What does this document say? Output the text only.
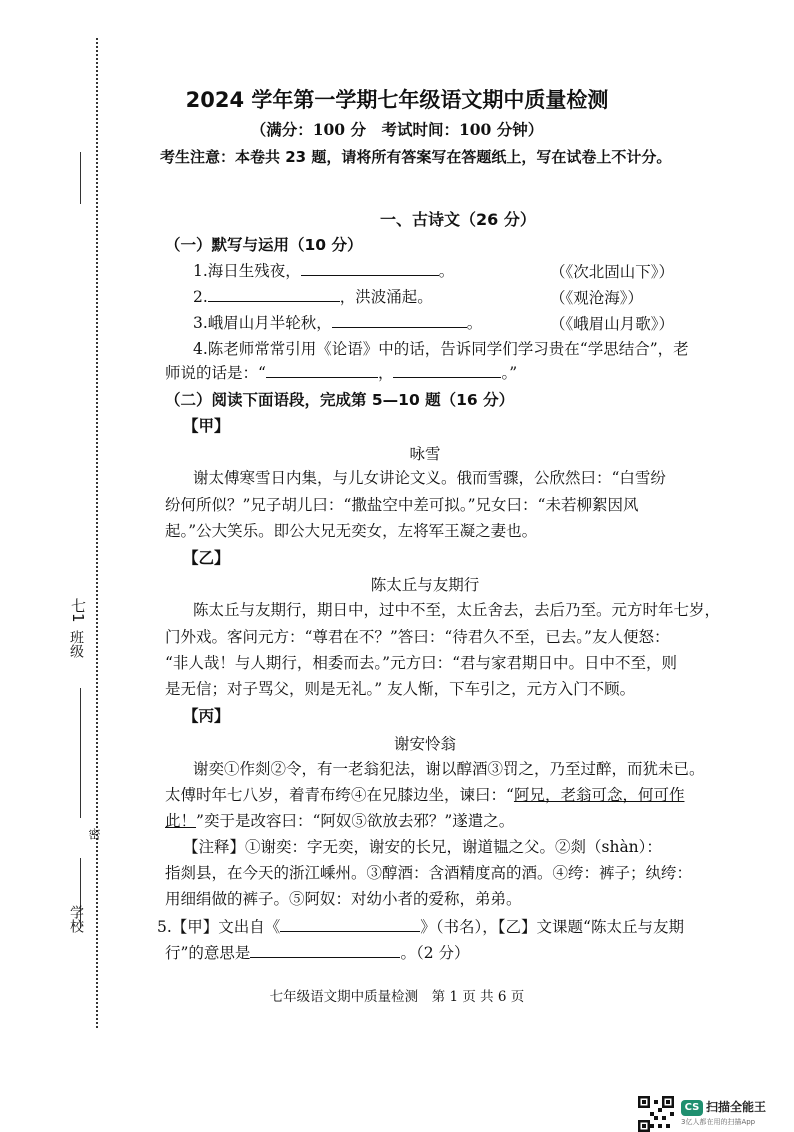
班级
七1
学校
密
2024 学年第一学期七年级语文期中质量检测
（满分：100 分　考试时间：100 分钟）
考生注意：本卷共 23 题，请将所有答案写在答题纸上，写在试卷上不计分。
一、古诗文（26 分）
（一）默写与运用（10 分）
1.海日生残夜，	。	（《次北固山下》）
2.	，洪波涌起。	（《观沧海》）
3.峨眉山月半轮秋，	。	（《峨眉山月歌》）
4.陈老师常常引用《论语》中的话，告诉同学们学习贵在“学思结合”，老
师说的话是：“	，	。”
（二）阅读下面语段，完成第 5—10 题（16 分）
【甲】
咏雪
谢太傅寒雪日内集，与儿女讲论文义。俄而雪骤，公欣然曰：“白雪纷
纷何所似？”兄子胡儿曰：“撒盐空中差可拟。”兄女曰：“未若柳絮因风
起。”公大笑乐。即公大兄无奕女，左将军王凝之妻也。
【乙】
陈太丘与友期行
陈太丘与友期行，期日中，过中不至，太丘舍去，去后乃至。元方时年七岁，
门外戏。客问元方：“尊君在不？”答曰：“待君久不至，已去。”友人便怒：
“非人哉！与人期行，相委而去。”元方曰：“君与家君期日中。日中不至，则
是无信；对子骂父，则是无礼。” 友人惭，下车引之，元方入门不顾。
【丙】
谢安怜翁
谢奕①作剡②令，有一老翁犯法，谢以醇酒③罚之，乃至过醉，而犹未已。
太傅时年七八岁，着青布绔④在兄膝边坐，谏曰：“阿兄，老翁可念，何可作
此！”奕于是改容曰：“阿奴⑤欲放去邪？”遂遣之。
【注释】①谢奕：字无奕，谢安的长兄，谢道韫之父。②剡（shàn）：
指剡县，在今天的浙江嵊州。③醇酒：含酒精度高的酒。④绔：裤子；纨绔：
用细绢做的裤子。⑤阿奴：对幼小者的爱称，弟弟。
5.【甲】文出自《	》（书名），【乙】文课题“陈太丘与友期
行”的意思是	。（2 分）
七年级语文期中质量检测　第 1 页 共 6 页
CS 扫描全能王
3亿人都在用的扫描App
